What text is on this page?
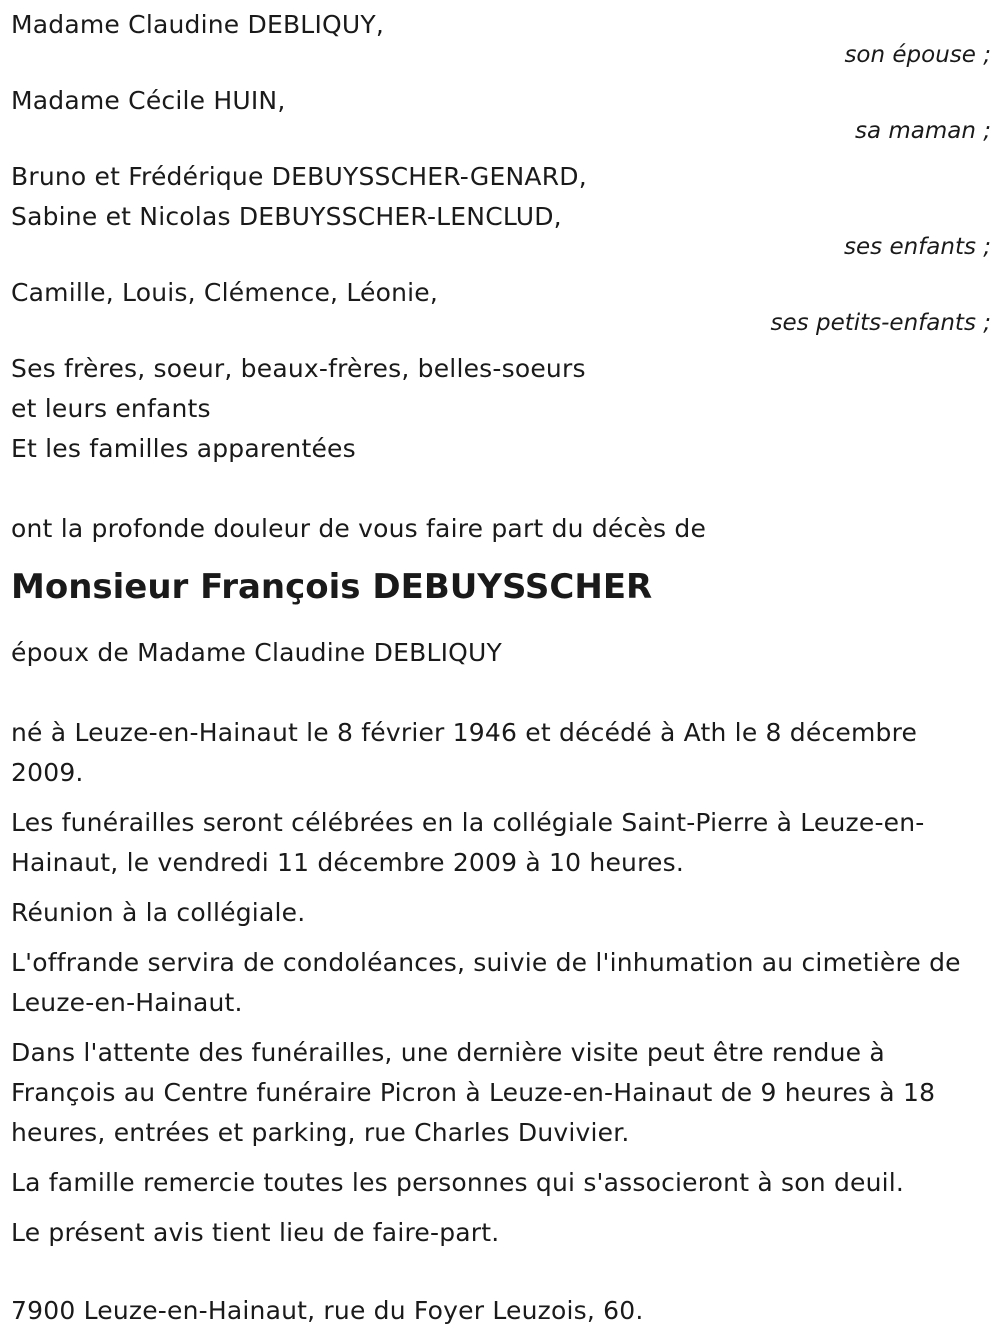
Madame Claudine DEBLIQUY,
son épouse ;
Madame Cécile HUIN,
sa maman ;
Bruno et Frédérique DEBUYSSCHER-GENARD,
Sabine et Nicolas DEBUYSSCHER-LENCLUD,
ses enfants ;
Camille, Louis, Clémence, Léonie,
ses petits-enfants ;
Ses frères, soeur, beaux-frères, belles-soeurs
et leurs enfants
Et les familles apparentées
ont la profonde douleur de vous faire part du décès de
Monsieur François DEBUYSSCHER
époux de Madame Claudine DEBLIQUY
né à Leuze-en-Hainaut le 8 février 1946 et décédé à Ath le 8 décembre 2009.
Les funérailles seront célébrées en la collégiale Saint-Pierre à Leuze-en-Hainaut, le vendredi 11 décembre 2009 à 10 heures.
Réunion à la collégiale.
L'offrande servira de condoléances, suivie de l'inhumation au cimetière de Leuze-en-Hainaut.
Dans l'attente des funérailles, une dernière visite peut être rendue à François au Centre funéraire Picron à Leuze-en-Hainaut de 9 heures à 18 heures, entrées et parking, rue Charles Duvivier.
La famille remercie toutes les personnes qui s'associeront à son deuil.
Le présent avis tient lieu de faire-part.
7900 Leuze-en-Hainaut, rue du Foyer Leuzois, 60.
